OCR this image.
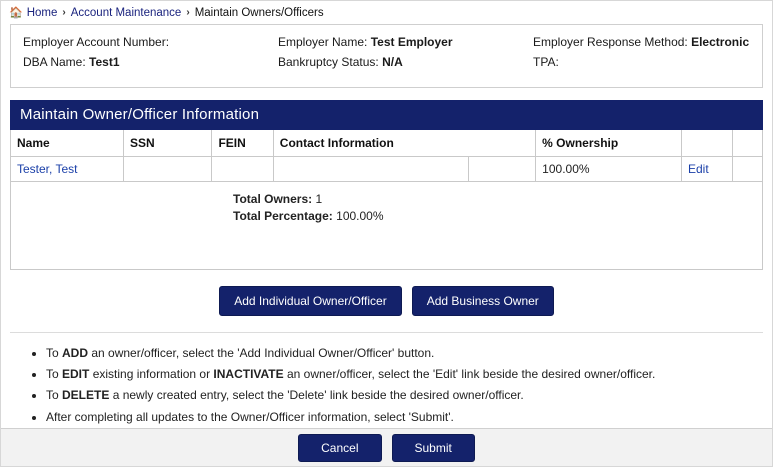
🏠 Home › Account Maintenance › Maintain Owners/Officers
Employer Account Number:
DBA Name: Test1
Employer Name: Test Employer
Bankruptcy Status: N/A
Employer Response Method: Electronic
TPA:
Maintain Owner/Officer Information
Name	SSN	FEIN	Contact Information		% Ownership		
Tester, Test					100.00%	Edit	
Total Owners: 1
Total Percentage: 100.00%
Add Individual Owner/Officer	Add Business Owner
• To ADD an owner/officer, select the 'Add Individual Owner/Officer' button.
• To EDIT existing information or INACTIVATE an owner/officer, select the 'Edit' link beside the desired owner/officer.
• To DELETE a newly created entry, select the 'Delete' link beside the desired owner/officer.
• After completing all updates to the Owner/Officer information, select 'Submit'.
Cancel	Submit
